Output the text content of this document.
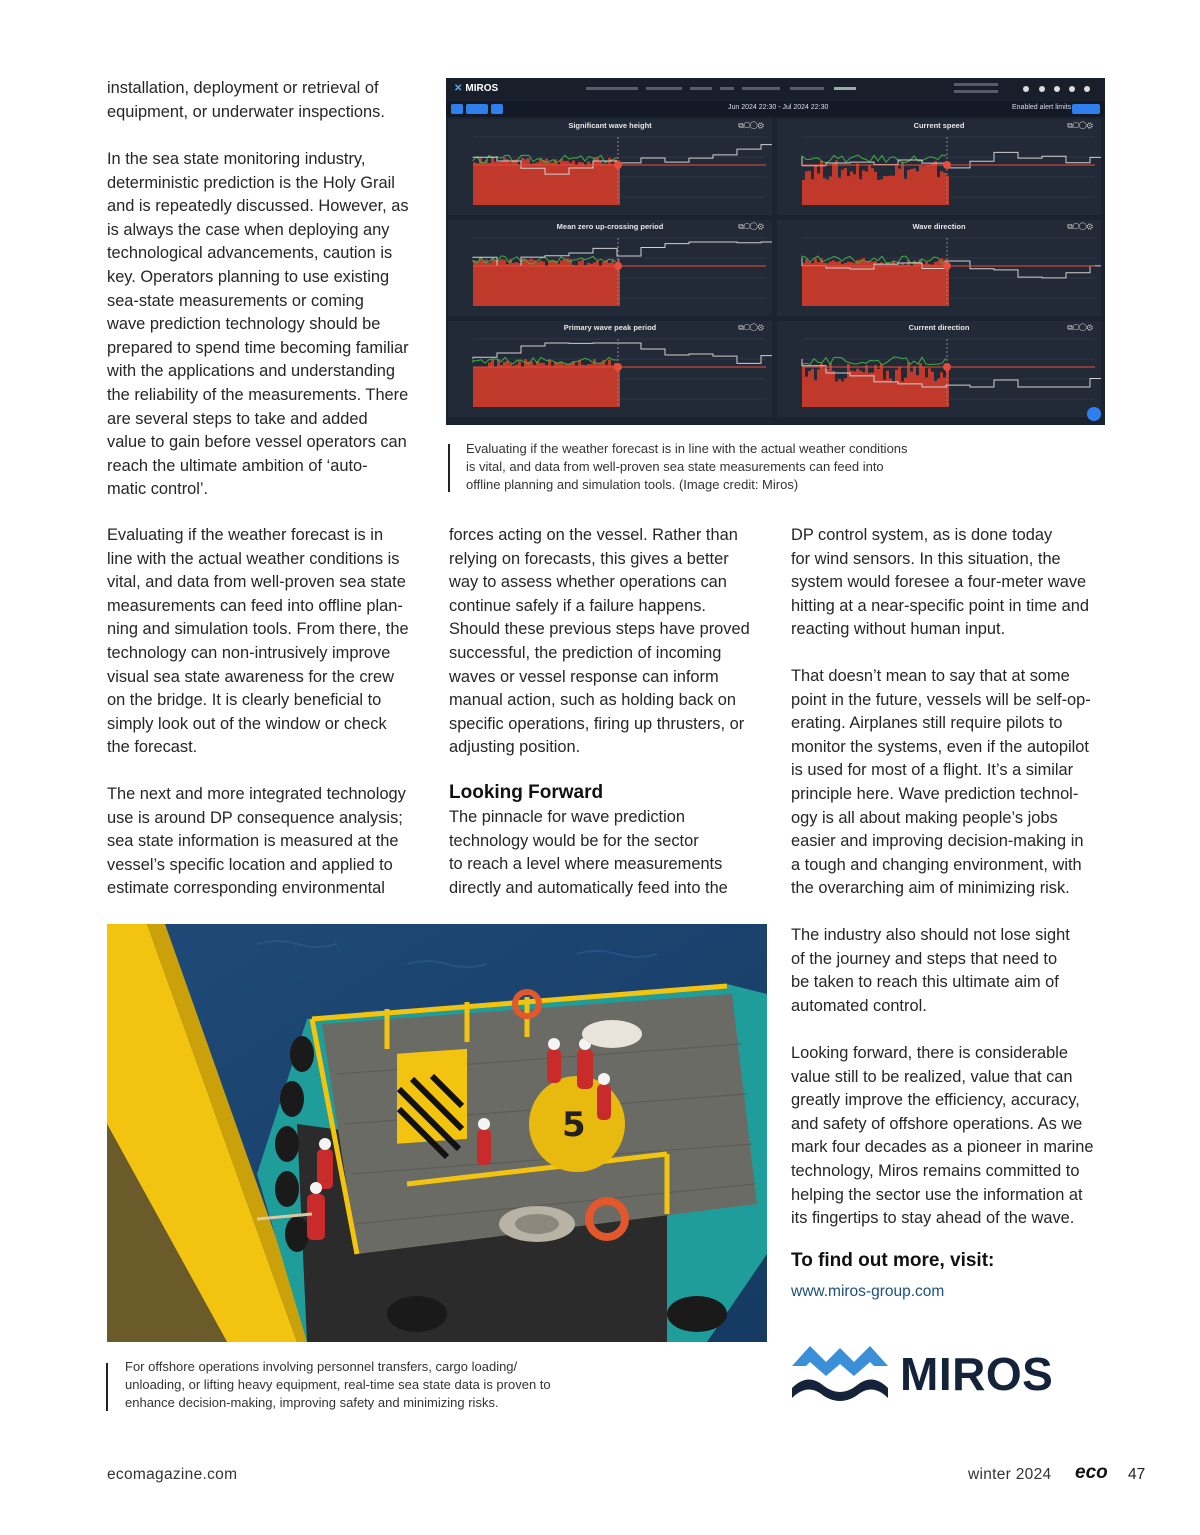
installation, deployment or retrieval of
equipment, or underwater inspections.
In the sea state monitoring industry,
deterministic prediction is the Holy Grail
and is repeatedly discussed. However, as
is always the case when deploying any
technological advancements, caution is
key. Operators planning to use existing
sea-state measurements or coming
wave prediction technology should be
prepared to spend time becoming familiar
with the applications and understanding
the reliability of the measurements. There
are several steps to take and added
value to gain before vessel operators can
reach the ultimate ambition of ‘auto-
matic control’.
✕ MIROS
Jun 2024 22:30 - Jul 2024 22:30	Enabled alert limits
Significant wave height	⧉▢◯⚙	Current speed	⧉▢◯⚙
Mean zero up-crossing period	⧉▢◯⚙	Wave direction	⧉▢◯⚙
Primary wave peak period	⧉▢◯⚙	Current direction	⧉▢◯⚙
Evaluating if the weather forecast is in line with the actual weather conditions
is vital, and data from well-proven sea state measurements can feed into
offline planning and simulation tools. (Image credit: Miros)
Evaluating if the weather forecast is in
line with the actual weather conditions is
vital, and data from well-proven sea state
measurements can feed into offline plan-
ning and simulation tools. From there, the
technology can non-intrusively improve
visual sea state awareness for the crew
on the bridge. It is clearly beneficial to
simply look out of the window or check
the forecast.
The next and more integrated technology
use is around DP consequence analysis;
sea state information is measured at the
vessel’s specific location and applied to
estimate corresponding environmental
forces acting on the vessel. Rather than
relying on forecasts, this gives a better
way to assess whether operations can
continue safely if a failure happens.
Should these previous steps have proved
successful, the prediction of incoming
waves or vessel response can inform
manual action, such as holding back on
specific operations, firing up thrusters, or
adjusting position.
Looking Forward
The pinnacle for wave prediction
technology would be for the sector
to reach a level where measurements
directly and automatically feed into the
DP control system, as is done today
for wind sensors. In this situation, the
system would foresee a four-meter wave
hitting at a near-specific point in time and
reacting without human input.
That doesn’t mean to say that at some
point in the future, vessels will be self-op-
erating. Airplanes still require pilots to
monitor the systems, even if the autopilot
is used for most of a flight. It’s a similar
principle here. Wave prediction technol-
ogy is all about making people’s jobs
easier and improving decision-making in
a tough and changing environment, with
the overarching aim of minimizing risk.
The industry also should not lose sight
of the journey and steps that need to
be taken to reach this ultimate aim of
automated control.
Looking forward, there is considerable
value still to be realized, value that can
greatly improve the efficiency, accuracy,
and safety of offshore operations. As we
mark four decades as a pioneer in marine
technology, Miros remains committed to
helping the sector use the information at
its fingertips to stay ahead of the wave.
To find out more, visit:
www.miros-group.com
5
For offshore operations involving personnel transfers, cargo loading/
unloading, or lifting heavy equipment, real-time sea state data is proven to
enhance decision-making, improving safety and minimizing risks.
MIROS
ecomagazine.com	winter 2024 eco 47
